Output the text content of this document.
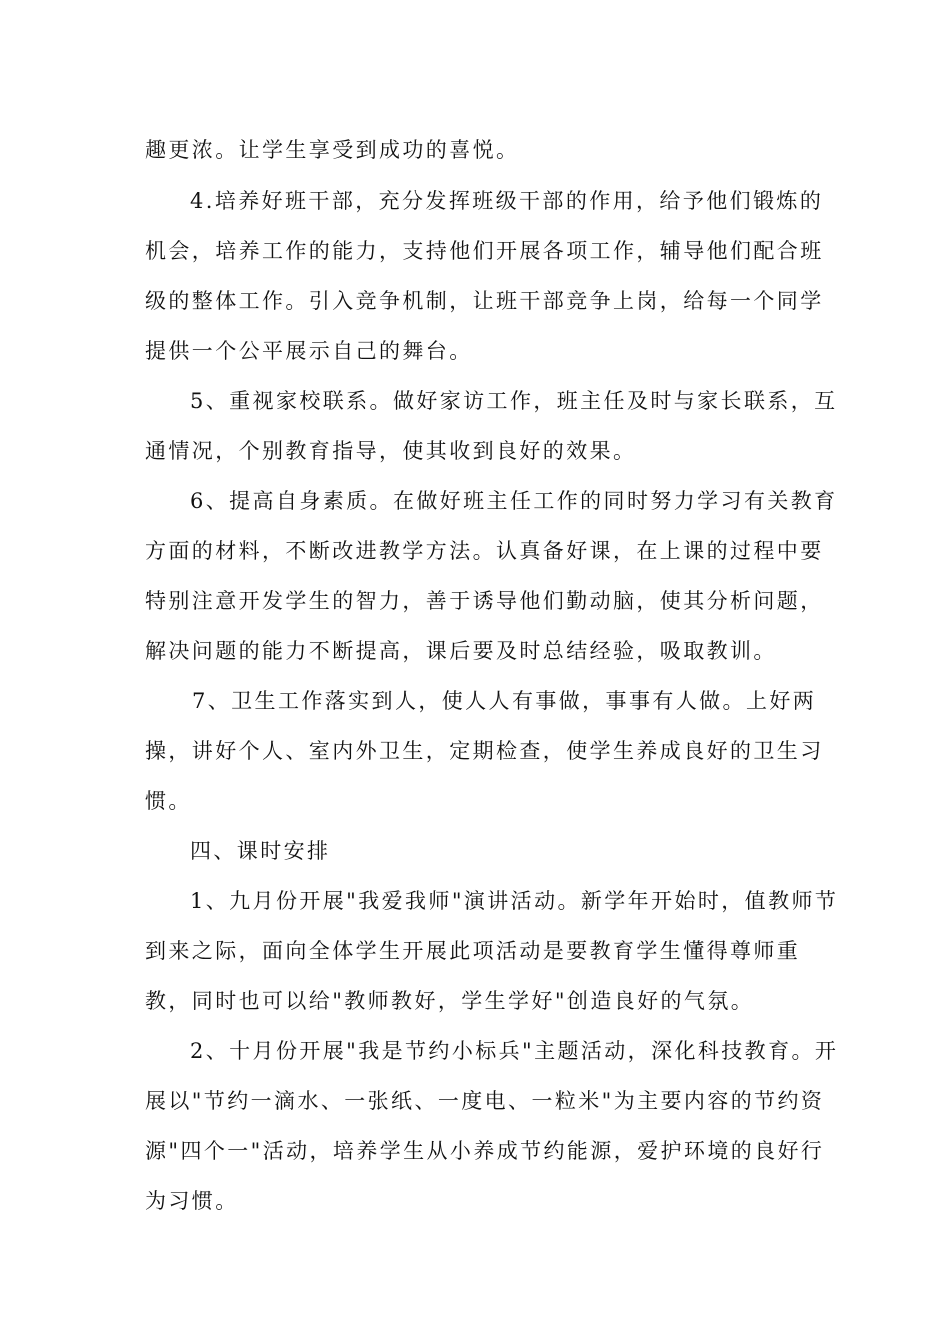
趣更浓。让学生享受到成功的喜悦。
4.培养好班干部，充分发挥班级干部的作用，给予他们锻炼的
机会，培养工作的能力，支持他们开展各项工作，辅导他们配合班
级的整体工作。引入竞争机制，让班干部竞争上岗，给每一个同学
提供一个公平展示自己的舞台。
5、重视家校联系。做好家访工作，班主任及时与家长联系，互
通情况，个别教育指导，使其收到良好的效果。
6、提高自身素质。在做好班主任工作的同时努力学习有关教育
方面的材料，不断改进教学方法。认真备好课，在上课的过程中要
特别注意开发学生的智力，善于诱导他们勤动脑，使其分析问题，
解决问题的能力不断提高，课后要及时总结经验，吸取教训。
7、卫生工作落实到人，使人人有事做，事事有人做。上好两
操，讲好个人、室内外卫生，定期检查，使学生养成良好的卫生习
惯。
四、课时安排
1、九月份开展"我爱我师"演讲活动。新学年开始时，值教师节
到来之际，面向全体学生开展此项活动是要教育学生懂得尊师重
教，同时也可以给"教师教好，学生学好"创造良好的气氛。
2、十月份开展"我是节约小标兵"主题活动，深化科技教育。开
展以"节约一滴水、一张纸、一度电、一粒米"为主要内容的节约资
源"四个一"活动，培养学生从小养成节约能源，爱护环境的良好行
为习惯。
